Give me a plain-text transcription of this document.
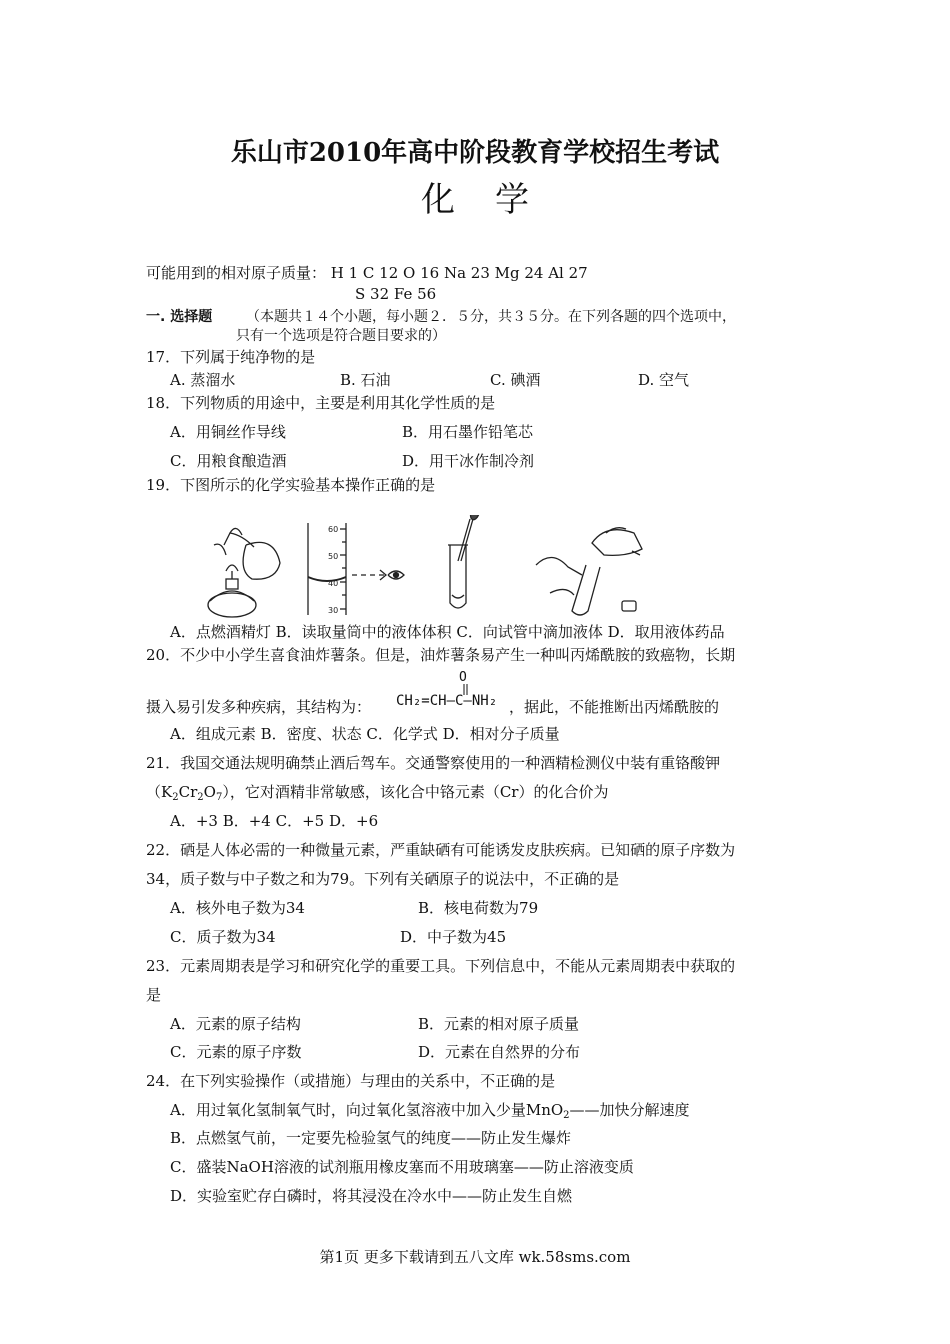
乐山市2010年高中阶段教育学校招生考试
化学
可能用到的相对原子质量： H 1 C 12 O 16 Na 23 Mg 24 Al 27
S 32 Fe 56
一. 选择题 （本题共１４个小题，每小题２．５分，共３５分。在下列各题的四个选项中，
只有一个选项是符合题目要求的）
17．下列属于纯净物的是
A. 蒸溜水	B. 石油	C. 碘酒	D. 空气
18．下列物质的用途中，主要是利用其化学性质的是
A．用铜丝作导线	B．用石墨作铅笔芯
C．用粮食酿造酒	D．用干冰作制冷剂
19．下图所示的化学实验基本操作正确的是
60
50
40
30
A．点燃酒精灯 B．读取量筒中的液体体积 C．向试管中滴加液体 D．取用液体药品
20．不少中小学生喜食油炸薯条。但是，油炸薯条易产生一种叫丙烯酰胺的致癌物，长期
摄入易引发多种疾病，其结构为： CH₂=CH—C—NH₂
O
，据此，不能推断出丙烯酰胺的
A．组成元素 B．密度、状态 C．化学式 D．相对分子质量
21．我国交通法规明确禁止酒后驾车。交通警察使用的一种酒精检测仪中装有重铬酸钾
$(K_2Cr_2O_7)$，它对酒精非常敏感，该化合中铬元素（Cr）的化合价为
A．+3 B．+4 C．+5 D．+6
22．硒是人体必需的一种微量元素，严重缺硒有可能诱发皮肤疾病。已知硒的原子序数为
34，质子数与中子数之和为79。下列有关硒原子的说法中，不正确的是
A．核外电子数为34	B．核电荷数为79
C．质子数为34	D．中子数为45
23．元素周期表是学习和研究化学的重要工具。下列信息中，不能从元素周期表中获取的
是
A．元素的原子结构	B．元素的相对原子质量
C．元素的原子序数	D．元素在自然界的分布
24．在下列实验操作（或措施）与理由的关系中，不正确的是
A．用过氧化氢制氧气时，向过氧化氢溶液中加入少量MnO$_2$——加快分解速度
B．点燃氢气前，一定要先检验氢气的纯度——防止发生爆炸
C．盛装NaOH溶液的试剂瓶用橡皮塞而不用玻璃塞——防止溶液变质
D．实验室贮存白磷时，将其浸没在冷水中——防止发生自燃
第1页 更多下载请到五八文库 wk.58sms.com
